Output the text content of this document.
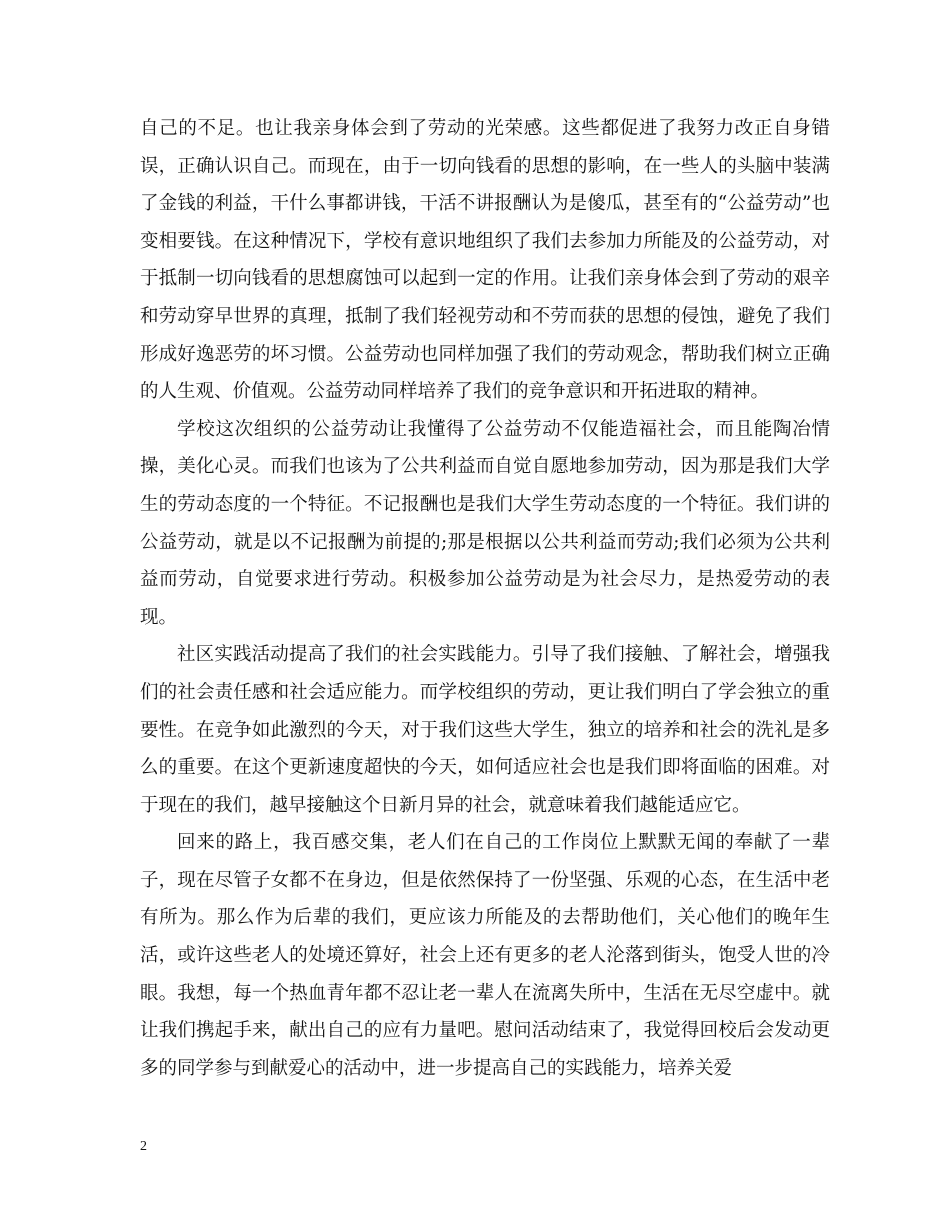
自己的不足。也让我亲身体会到了劳动的光荣感。这些都促进了我努力改正自身错误，正确认识自己。而现在，由于一切向钱看的思想的影响，在一些人的头脑中装满了金钱的利益，干什么事都讲钱，干活不讲报酬认为是傻瓜，甚至有的“公益劳动”也变相要钱。在这种情况下，学校有意识地组织了我们去参加力所能及的公益劳动，对于抵制一切向钱看的思想腐蚀可以起到一定的作用。让我们亲身体会到了劳动的艰辛和劳动穿早世界的真理，抵制了我们轻视劳动和不劳而获的思想的侵蚀，避免了我们形成好逸恶劳的坏习惯。公益劳动也同样加强了我们的劳动观念，帮助我们树立正确的人生观、价值观。公益劳动同样培养了我们的竞争意识和开拓进取的精神。

学校这次组织的公益劳动让我懂得了公益劳动不仅能造福社会，而且能陶冶情操，美化心灵。而我们也该为了公共利益而自觉自愿地参加劳动，因为那是我们大学生的劳动态度的一个特征。不记报酬也是我们大学生劳动态度的一个特征。我们讲的公益劳动，就是以不记报酬为前提的;那是根据以公共利益而劳动;我们必须为公共利益而劳动，自觉要求进行劳动。积极参加公益劳动是为社会尽力，是热爱劳动的表现。

社区实践活动提高了我们的社会实践能力。引导了我们接触、了解社会，增强我们的社会责任感和社会适应能力。而学校组织的劳动，更让我们明白了学会独立的重要性。在竞争如此激烈的今天，对于我们这些大学生，独立的培养和社会的洗礼是多么的重要。在这个更新速度超快的今天，如何适应社会也是我们即将面临的困难。对于现在的我们，越早接触这个日新月异的社会，就意味着我们越能适应它。

回来的路上，我百感交集，老人们在自己的工作岗位上默默无闻的奉献了一辈子，现在尽管子女都不在身边，但是依然保持了一份坚强、乐观的心态，在生活中老有所为。那么作为后辈的我们，更应该力所能及的去帮助他们，关心他们的晚年生活，或许这些老人的处境还算好，社会上还有更多的老人沦落到街头，饱受人世的冷眼。我想，每一个热血青年都不忍让老一辈人在流离失所中，生活在无尽空虚中。就让我们携起手来，献出自己的应有力量吧。慰问活动结束了，我觉得回校后会发动更多的同学参与到献爱心的活动中，进一步提高自己的实践能力，培养关爱

2
